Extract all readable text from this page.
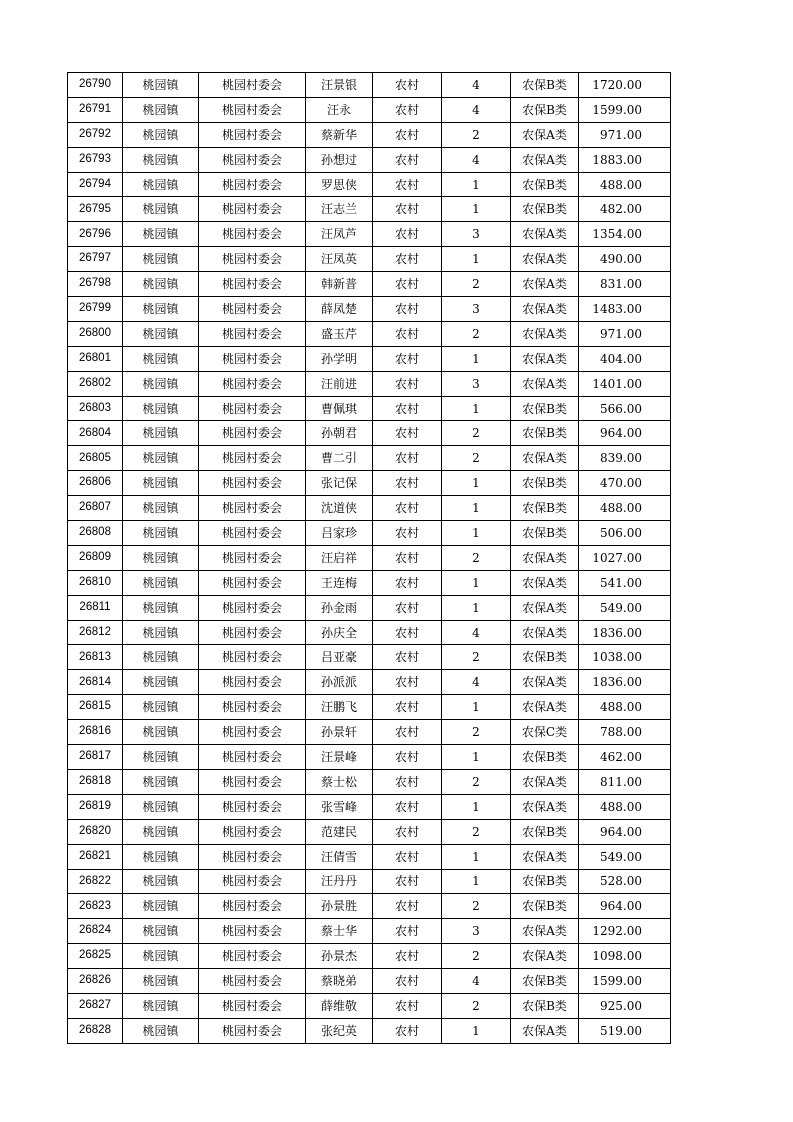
26790	桃园镇	桃园村委会	汪景银	农村	4	农保B类	1720.00
26791	桃园镇	桃园村委会	汪永	农村	4	农保B类	1599.00
26792	桃园镇	桃园村委会	蔡新华	农村	2	农保A类	971.00
26793	桃园镇	桃园村委会	孙想过	农村	4	农保A类	1883.00
26794	桃园镇	桃园村委会	罗思侠	农村	1	农保B类	488.00
26795	桃园镇	桃园村委会	汪志兰	农村	1	农保B类	482.00
26796	桃园镇	桃园村委会	汪凤芦	农村	3	农保A类	1354.00
26797	桃园镇	桃园村委会	汪凤英	农村	1	农保A类	490.00
26798	桃园镇	桃园村委会	韩新普	农村	2	农保A类	831.00
26799	桃园镇	桃园村委会	薛凤楚	农村	3	农保A类	1483.00
26800	桃园镇	桃园村委会	盛玉芹	农村	2	农保A类	971.00
26801	桃园镇	桃园村委会	孙学明	农村	1	农保A类	404.00
26802	桃园镇	桃园村委会	汪前进	农村	3	农保A类	1401.00
26803	桃园镇	桃园村委会	曹佩琪	农村	1	农保B类	566.00
26804	桃园镇	桃园村委会	孙朝君	农村	2	农保B类	964.00
26805	桃园镇	桃园村委会	曹二引	农村	2	农保A类	839.00
26806	桃园镇	桃园村委会	张记保	农村	1	农保B类	470.00
26807	桃园镇	桃园村委会	沈道侠	农村	1	农保B类	488.00
26808	桃园镇	桃园村委会	吕家珍	农村	1	农保B类	506.00
26809	桃园镇	桃园村委会	汪启祥	农村	2	农保A类	1027.00
26810	桃园镇	桃园村委会	王连梅	农村	1	农保A类	541.00
26811	桃园镇	桃园村委会	孙金雨	农村	1	农保A类	549.00
26812	桃园镇	桃园村委会	孙庆全	农村	4	农保A类	1836.00
26813	桃园镇	桃园村委会	吕亚豪	农村	2	农保B类	1038.00
26814	桃园镇	桃园村委会	孙派派	农村	4	农保A类	1836.00
26815	桃园镇	桃园村委会	汪鹏飞	农村	1	农保A类	488.00
26816	桃园镇	桃园村委会	孙景轩	农村	2	农保C类	788.00
26817	桃园镇	桃园村委会	汪景峰	农村	1	农保B类	462.00
26818	桃园镇	桃园村委会	蔡士松	农村	2	农保A类	811.00
26819	桃园镇	桃园村委会	张雪峰	农村	1	农保A类	488.00
26820	桃园镇	桃园村委会	范建民	农村	2	农保B类	964.00
26821	桃园镇	桃园村委会	汪倩雪	农村	1	农保A类	549.00
26822	桃园镇	桃园村委会	汪丹丹	农村	1	农保B类	528.00
26823	桃园镇	桃园村委会	孙景胜	农村	2	农保B类	964.00
26824	桃园镇	桃园村委会	蔡士华	农村	3	农保A类	1292.00
26825	桃园镇	桃园村委会	孙景杰	农村	2	农保A类	1098.00
26826	桃园镇	桃园村委会	蔡晓弟	农村	4	农保B类	1599.00
26827	桃园镇	桃园村委会	薛维敬	农村	2	农保B类	925.00
26828	桃园镇	桃园村委会	张纪英	农村	1	农保A类	519.00
